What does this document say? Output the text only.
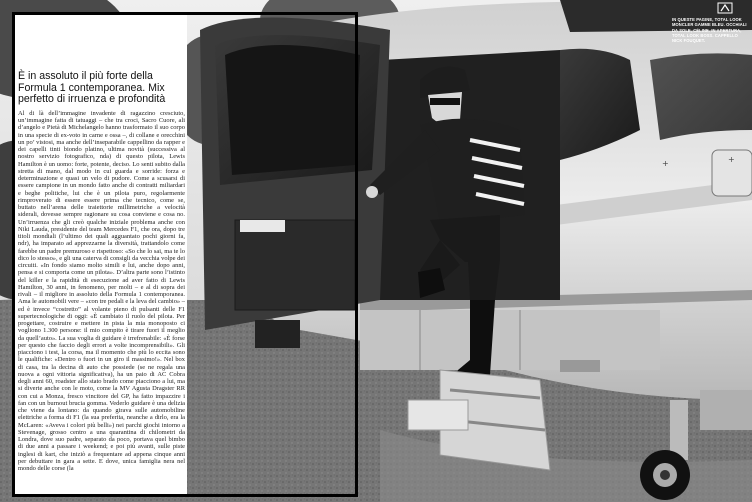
+
+
È in assoluto il più forte della Formula 1 contemporanea. Mix perfetto di irruenza e profondità

Al di là dell’immagine invadente di ragazzino cresciuto, un’immagine fatta di tatuaggi – che tra croci, Sacro Cuore, ali d’angelo e Pietà di Michelangelo hanno trasformato il suo corpo in una specie di ex-voto in carne e ossa –, di collane e orecchini un po’ vistosi, ma anche dell’inseparabile cappellino da rapper e dei capelli tinti biondo platino, ultima novità (successiva al nostro servizio fotografico, nda) di questo pilota, Lewis Hamilton è un uomo: forte, potente, deciso. Lo senti subito dalla stretta di mano, dal modo in cui guarda e sorride: forza e determinazione e quasi un velo di pudore. Come a scusarsi di essere campione in un mondo fatto anche di contratti miliardari e beghe politiche, lui che è un pilota puro, regolarmente rimproverato di essere essere prima che tecnico, come se, buttato nell’arena delle traiettorie millimetriche a velocità siderali, dovesse sempre ragionare su cosa conviene e cosa no. Un’irruenza che gli creò qualche iniziale problema anche con Niki Lauda, presidente del team Mercedes F1, che ora, dopo tre titoli mondiali (l’ultimo dei quali agguantato pochi giorni fa, ndr), ha imparato ad apprezzarne la diversità, trattandolo come farebbe un padre premuroso e rispettoso: «So che lo sai, ma te lo dico lo stesso», e gli una caterva di consigli da vecchia volpe dei circuiti. «In fondo siamo molto simili e lui, anche dopo anni, pensa e si comporta come un pilota». D’altra parte sono l’istinto del killer e la rapidità di esecuzione ad aver fatto di Lewis Hamilton, 30 anni, in fenomeno, per molti – e al di sopra dei rivali – il migliore in assoluto della Formula 1 contemporanea. Ama le automobili vere – «con tre pedali e la leva del cambio» – ed è invece “costretto” al volante pieno di pulsanti delle F1 supertecnologiche di oggi: «È cambiato il ruolo del pilota. Per progettare, costruire e mettere in pista la mia monoposto ci vogliono 1.300 persone: il mio compito è tirare fuori il meglio da quell’auto». La sua voglia di guidare è irrefrenabile: «È forse per questo che faccio degli errori a volte incomprensibili». Gli piacciono i test, la corsa, ma il momento che più lo eccita sono le qualifiche: «Dentro o fuori in un giro il massimo!». Nel box di casa, tra la decina di auto che possiede (se ne regala una nuova a ogni vittoria significativa), ha un paio di AC Cobra degli anni 60, roadster allo stato brado come piacciono a lui, ma si diverte anche con le moto, come la MV Agusta Dragster RR con cui a Monza, fresco vincitore del GP, ha fatto impazzire i fan con un burnout brucia gomma. Vederlo guidare è una delizia che viene da lontano: da quando girava sulle automobiline elettriche a forma di F1 (la sua preferita, neanche a dirlo, era la McLaren: «Aveva i colori più belli») nei parchi giochi intorno a Stevenage, grosso centro a una quarantina di chilometri da Londra, dove suo padre, separato da poco, portava quel bimbo di due anni a passare i weekend; e poi più avanti, sulle piste inglesi di kart, che iniziò a frequentare ad appena cinque anni per debuttare in gara a sette. E dove, unica famiglia nera nel mondo delle corse (la

IN QUESTE PAGINE, TOTAL LOOK MONCLER GAMME BLEU. OCCHIALI DA SOLE, CÉLINE. IN APERTURA, TOTAL LOOK BOSS. CAPPELLO NICK FOUQUET.
